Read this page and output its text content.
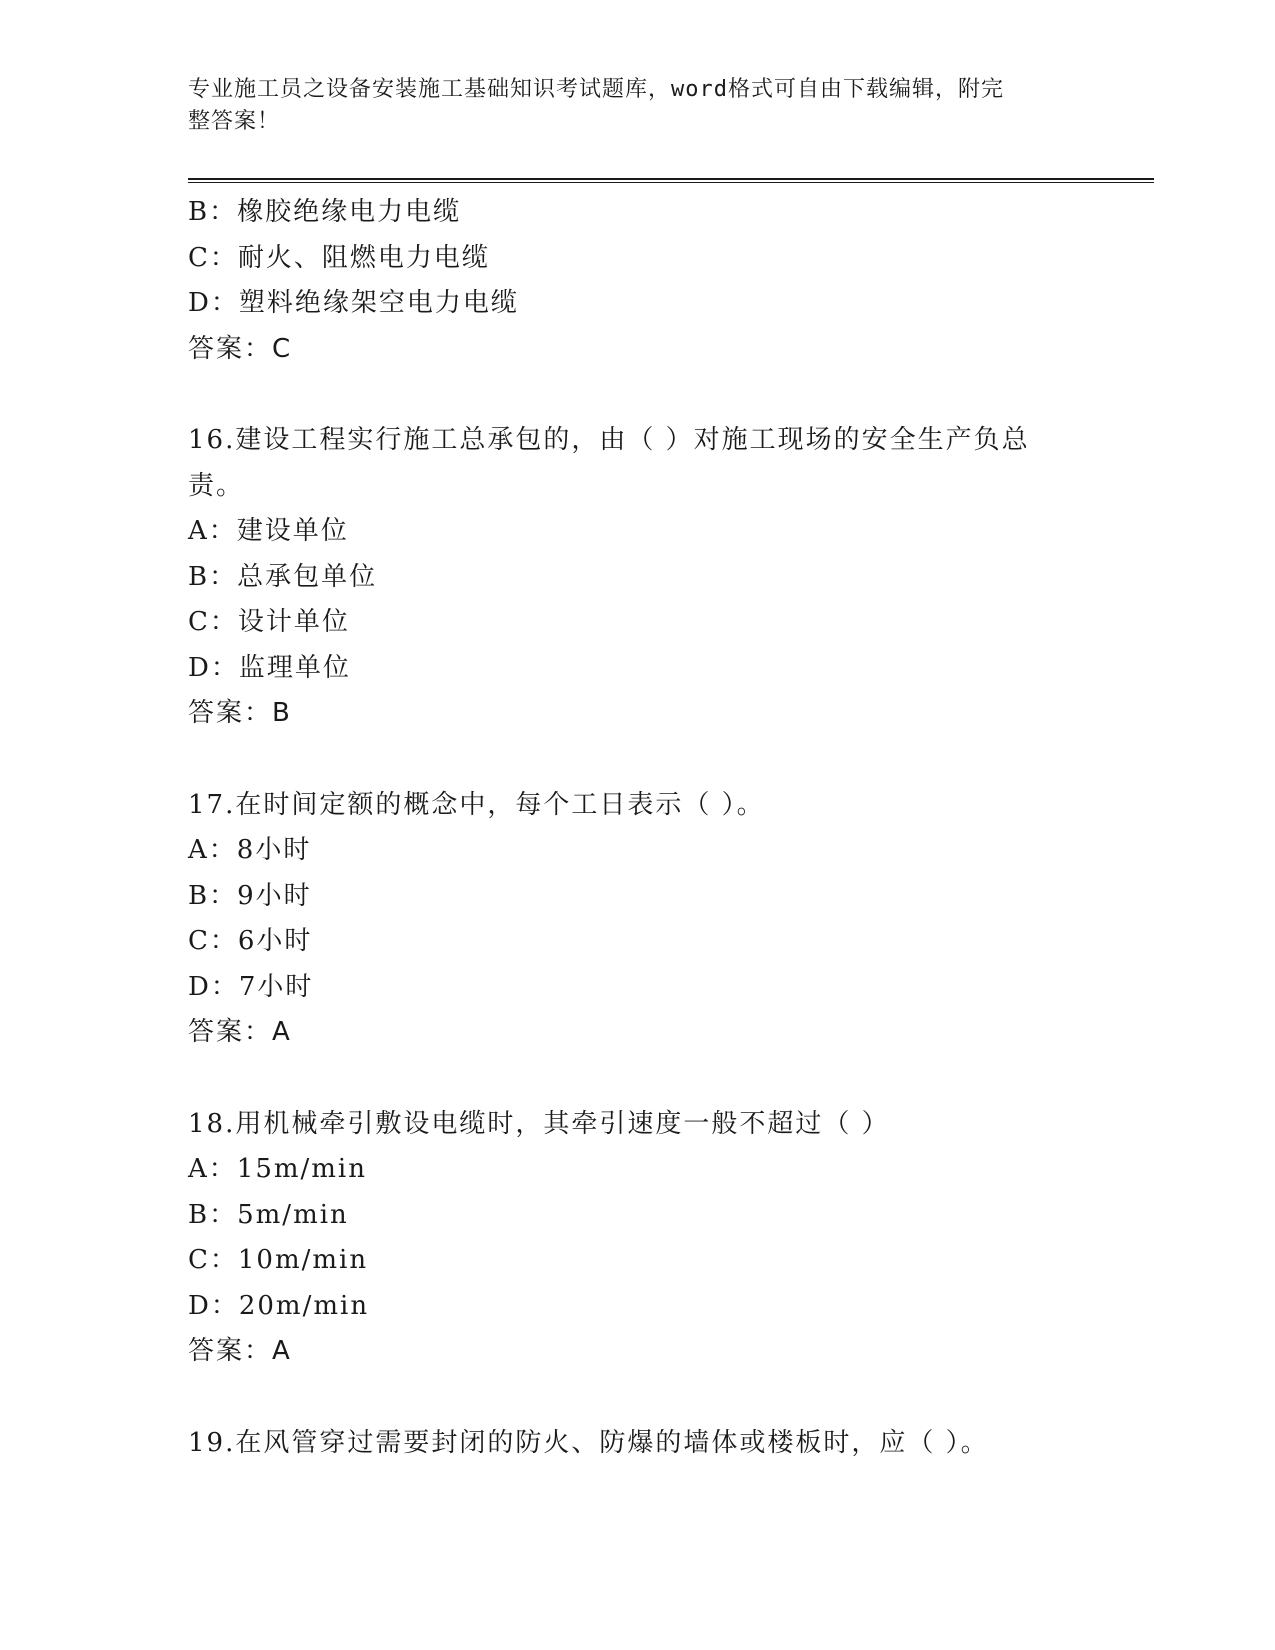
专业施工员之设备安装施工基础知识考试题库，word格式可自由下载编辑，附完
整答案！
B：橡胶绝缘电力电缆
C：耐火、阻燃电力电缆
D：塑料绝缘架空电力电缆
答案：C
16.建设工程实行施工总承包的，由（ ）对施工现场的安全生产负总
责。
A：建设单位
B：总承包单位
C：设计单位
D：监理单位
答案：B
17.在时间定额的概念中，每个工日表示（ ）。
A：8小时
B：9小时
C：6小时
D：7小时
答案：A
18.用机械牵引敷设电缆时，其牵引速度一般不超过（ ）
A：15m/min
B：5m/min
C：10m/min
D：20m/min
答案：A
19.在风管穿过需要封闭的防火、防爆的墙体或楼板时，应（ ）。
